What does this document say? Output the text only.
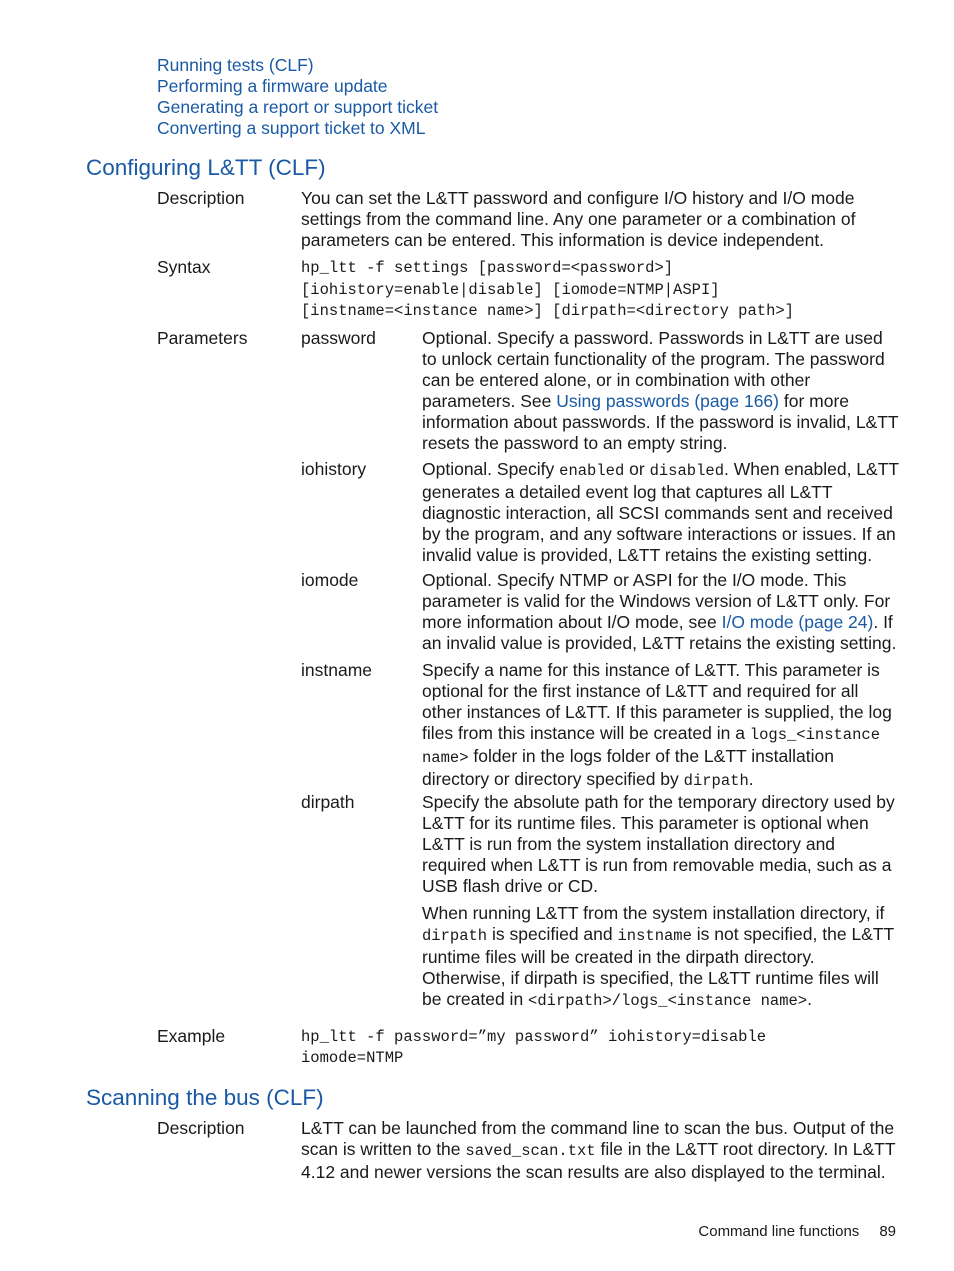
Running tests (CLF)
Performing a firmware update
Generating a report or support ticket
Converting a support ticket to XML
Configuring L&TT (CLF)
Description	You can set the L&TT password and configure I/O history and I/O mode settings from the command line. Any one parameter or a combination of parameters can be entered. This information is device independent.
Syntax	hp_ltt -f settings [password=<password>]
[iohistory=enable|disable] [iomode=NTMP|ASPI]
[instname=<instance name>] [dirpath=<directory path>]
Parameters	password	Optional. Specify a password. Passwords in L&TT are used to unlock certain functionality of the program. The password can be entered alone, or in combination with other parameters. See Using passwords (page 166) for more information about passwords. If the password is invalid, L&TT resets the password to an empty string.
iohistory	Optional. Specify enabled or disabled. When enabled, L&TT generates a detailed event log that captures all L&TT diagnostic interaction, all SCSI commands sent and received by the program, and any software interactions or issues. If an invalid value is provided, L&TT retains the existing setting.
iomode	Optional. Specify NTMP or ASPI for the I/O mode. This parameter is valid for the Windows version of L&TT only. For more information about I/O mode, see I/O mode (page 24). If an invalid value is provided, L&TT retains the existing setting.
instname	Specify a name for this instance of L&TT. This parameter is optional for the first instance of L&TT and required for all other instances of L&TT. If this parameter is supplied, the log files from this instance will be created in a logs_<instance name> folder in the logs folder of the L&TT installation directory or directory specified by dirpath.
dirpath	Specify the absolute path for the temporary directory used by L&TT for its runtime files. This parameter is optional when L&TT is run from the system installation directory and required when L&TT is run from removable media, such as a USB flash drive or CD.
When running L&TT from the system installation directory, if dirpath is specified and instname is not specified, the L&TT runtime files will be created in the dirpath directory. Otherwise, if dirpath is specified, the L&TT runtime files will be created in <dirpath>/logs_<instance name>.
Example	hp_ltt -f password=”my password” iohistory=disable
iomode=NTMP
Scanning the bus (CLF)
Description	L&TT can be launched from the command line to scan the bus. Output of the scan is written to the saved_scan.txt file in the L&TT root directory. In L&TT 4.12 and newer versions the scan results are also displayed to the terminal.
Command line functions 89
